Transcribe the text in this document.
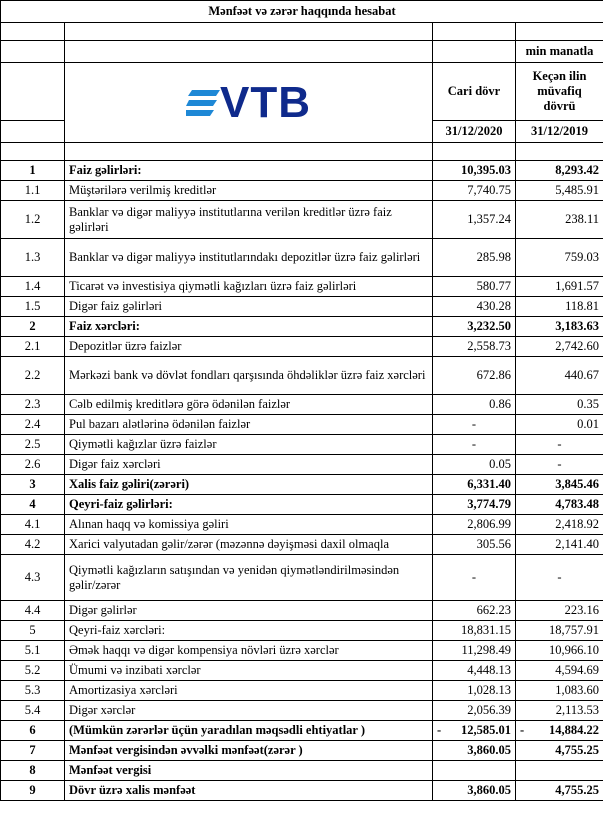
Mənfəət və zərər haqqında hesabat			

			min manatla

	VTB	Cari dövr	Keçən ilin müvafiq dövrü
		31/12/2020	31/12/2019

1	Faiz gəlirləri:	10,395.03	8,293.42
1.1	Müştərilərə verilmiş kreditlər	7,740.75	5,485.91
1.2	Banklar və digər maliyyə institutlarına verilən kreditlər üzrə faiz gəlirləri	1,357.24	238.11
1.3	Banklar və digər maliyyə institutlarındakı depozitlər üzrə faiz gəlirləri	285.98	759.03
1.4	Ticarət və investisiya qiymətli kağızları üzrə faiz gəlirləri	580.77	1,691.57
1.5	Digər faiz gəlirləri	430.28	118.81
2	Faiz xərcləri:	3,232.50	3,183.63
2.1	Depozitlər üzrə faizlər	2,558.73	2,742.60
2.2	Mərkəzi bank və dövlət fondları qarşısında öhdəliklər üzrə faiz xərcləri	672.86	440.67
2.3	Cəlb edilmiş kreditlərə görə ödənilən faizlər	0.86	0.35
2.4	Pul bazarı alətlərinə ödənilən faizlər	-	0.01
2.5	Qiymətli kağızlar üzrə faizlər	-	-
2.6	Digər faiz xərcləri	0.05	-
3	Xalis faiz gəliri(zərəri)	6,331.40	3,845.46
4	Qeyri-faiz gəlirləri:	3,774.79	4,783.48
4.1	Alınan haqq və komissiya gəliri	2,806.99	2,418.92
4.2	Xarici valyutadan gəlir/zərər (məzənnə dəyişməsi daxil olmaqla	305.56	2,141.40
4.3	Qiymətli kağızların satışından və yenidən qiymətləndirilməsindən gəlir/zərər	-	-
4.4	Digər gəlirlər	662.23	223.16
5	Qeyri-faiz xərcləri:	18,831.15	18,757.91
5.1	Əmək haqqı və digər kompensiya növləri üzrə xərclər	11,298.49	10,966.10
5.2	Ümumi və inzibati xərclər	4,448.13	4,594.69
5.3	Amortizasiya xərcləri	1,028.13	1,083.60
5.4	Digər xərclər	2,056.39	2,113.53
6	(Mümkün zərərlər üçün yaradılan məqsədli ehtiyatlar )	- 12,585.01	- 14,884.22
7	Mənfəət vergisindən əvvəlki mənfəət(zərər )	3,860.05	4,755.25
8	Mənfəət vergisi		
9	Dövr üzrə xalis mənfəət	3,860.05	4,755.25
